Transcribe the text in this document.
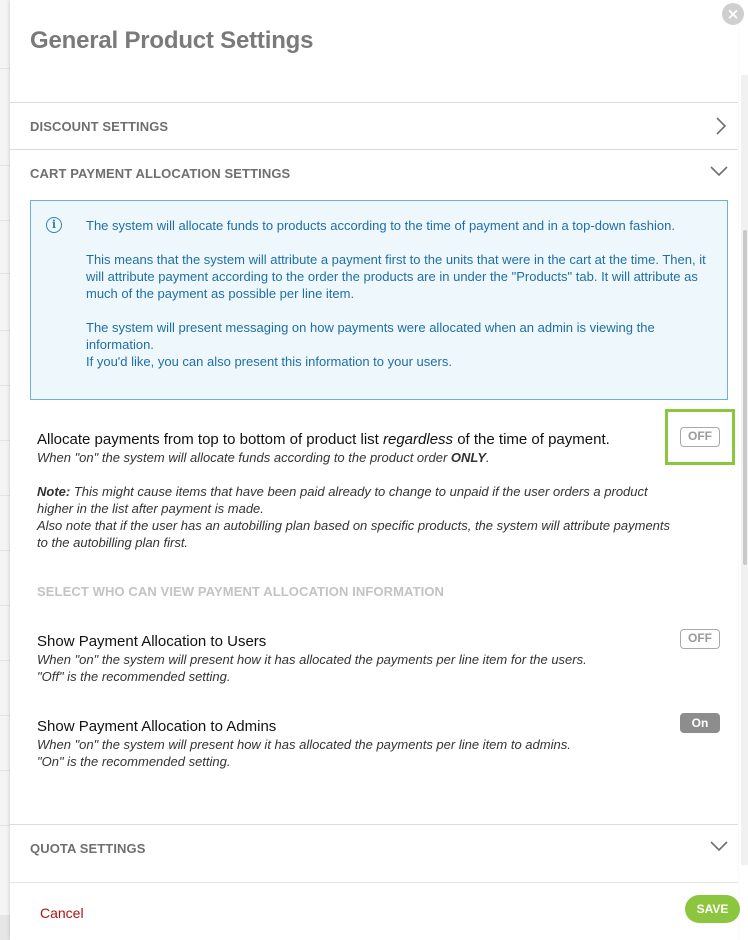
×
General Product Settings
DISCOUNT SETTINGS
CART PAYMENT ALLOCATION SETTINGS
i	The system will allocate funds to products according to the time of payment and in a top-down fashion.

This means that the system will attribute a payment first to the units that were in the cart at the time. Then, it will attribute payment according to the order the products are in under the "Products" tab. It will attribute as much of the payment as possible per line item.

The system will present messaging on how payments were allocated when an admin is viewing the information.
If you'd like, you can also present this information to your users.

Allocate payments from top to bottom of product list regardless of the time of payment.
When "on" the system will allocate funds according to the product order ONLY.
Note: This might cause items that have been paid already to change to unpaid if the user orders a product higher in the list after payment is made.
Also note that if the user has an autobilling plan based on specific products, the system will attribute payments to the autobilling plan first.
OFF
SELECT WHO CAN VIEW PAYMENT ALLOCATION INFORMATION
Show Payment Allocation to Users
When "on" the system will present how it has allocated the payments per line item for the users.
"Off" is the recommended setting.
OFF
Show Payment Allocation to Admins
When "on" the system will present how it has allocated the payments per line item to admins.
"On" is the recommended setting.
On
QUOTA SETTINGS
Cancel	SAVE
